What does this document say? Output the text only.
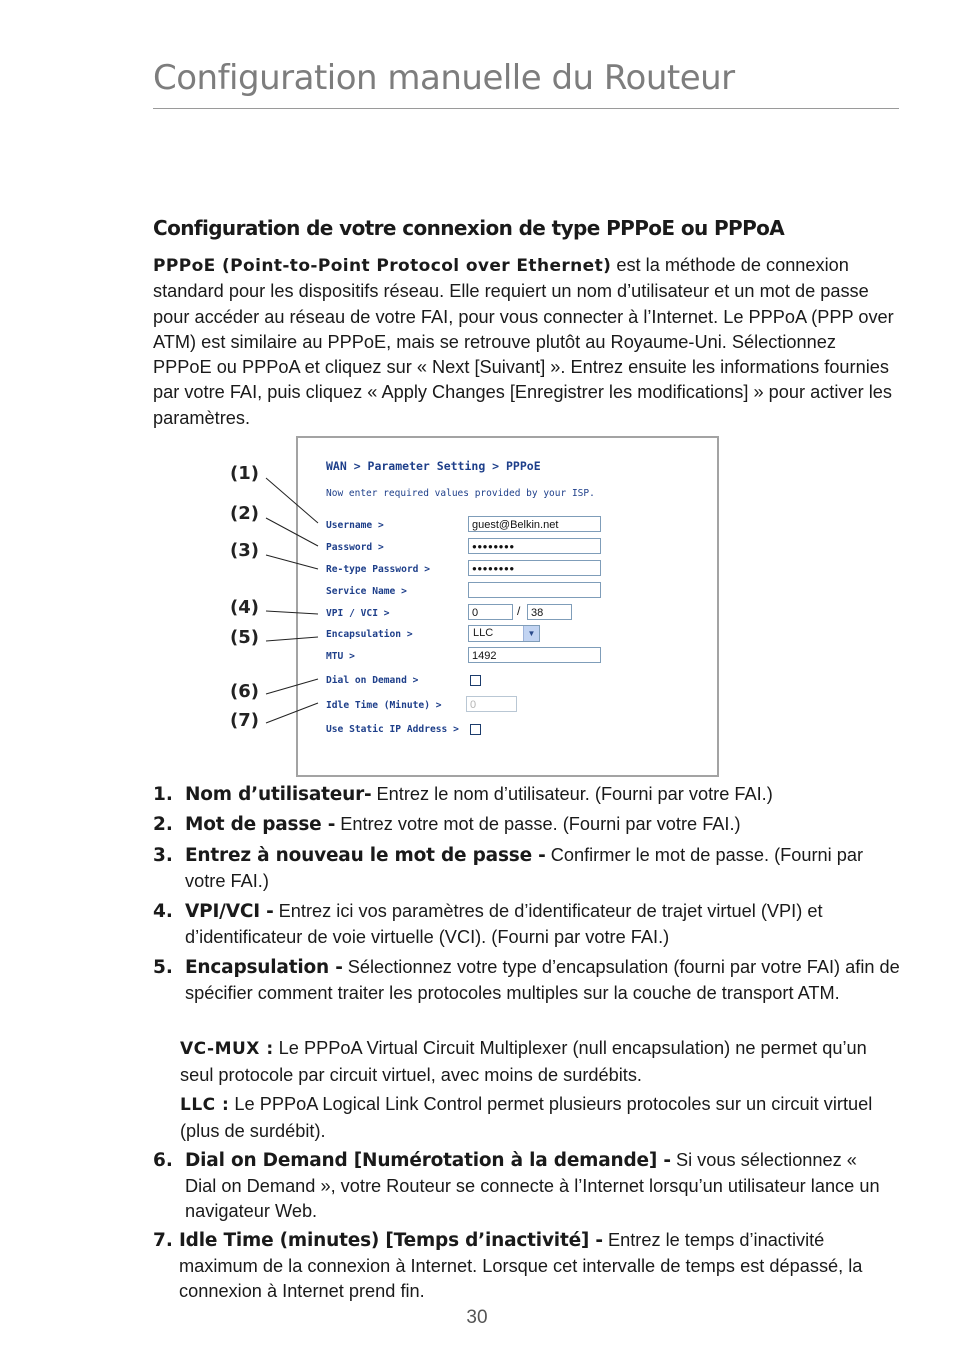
Configuration manuelle du Routeur
Configuration de votre connexion de type PPPoE ou PPPoA

PPPoE (Point-to-Point Protocol over Ethernet) est la méthode de connexion standard pour les dispositifs réseau. Elle requiert un nom d’utilisateur et un mot de passe pour accéder au réseau de votre FAI, pour vous connecter à l’Internet. Le PPPoA (PPP over ATM) est similaire au PPPoE, mais se retrouve plutôt au Royaume-Uni. Sélectionnez PPPoE ou PPPoA et cliquez sur « Next [Suivant] ». Entrez ensuite les informations fournies par votre FAI, puis cliquez « Apply Changes [Enregistrer les modifications] » pour activer les paramètres.

WAN > Parameter Setting > PPPoE
Now enter required values provided by your ISP.
Username >	guest@Belkin.net
Password >	●●●●●●●●
Re-type Password >	●●●●●●●●
Service Name >
VPI / VCI >	0	/ 38
Encapsulation >	LLC	▼
MTU >	1492
Dial on Demand >
Idle Time (Minute) >	0
Use Static IP Address >
(1)
(2)
(3)
(4)
(5)
(6)
(7)

1. Nom d’utilisateur- Entrez le nom d’utilisateur. (Fourni par votre FAI.)

2. Mot de passe - Entrez votre mot de passe. (Fourni par votre FAI.)

3. Entrez à nouveau le mot de passe - Confirmer le mot de passe. (Fourni par votre FAI.)

4. VPI/VCI - Entrez ici vos paramètres de d’identificateur de trajet virtuel (VPI) et d’identificateur de voie virtuelle (VCI). (Fourni par votre FAI.)

5. Encapsulation - Sélectionnez votre type d’encapsulation (fourni par votre FAI) afin de spécifier comment traiter les protocoles multiples sur la couche de transport ATM.

VC-MUX : Le PPPoA Virtual Circuit Multiplexer (null encapsulation) ne permet qu’un seul protocole par circuit virtuel, avec moins de surdébits.

LLC : Le PPPoA Logical Link Control permet plusieurs protocoles sur un circuit virtuel (plus de surdébit).

6. Dial on Demand [Numérotation à la demande] - Si vous sélectionnez « Dial on Demand », votre Routeur se connecte à l’Internet lorsqu’un utilisateur lance un navigateur Web.

7. Idle Time (minutes) [Temps d’inactivité] - Entrez le temps d’inactivité maximum de la connexion à Internet. Lorsque cet intervalle de temps est dépassé, la connexion à Internet prend fin.

30
